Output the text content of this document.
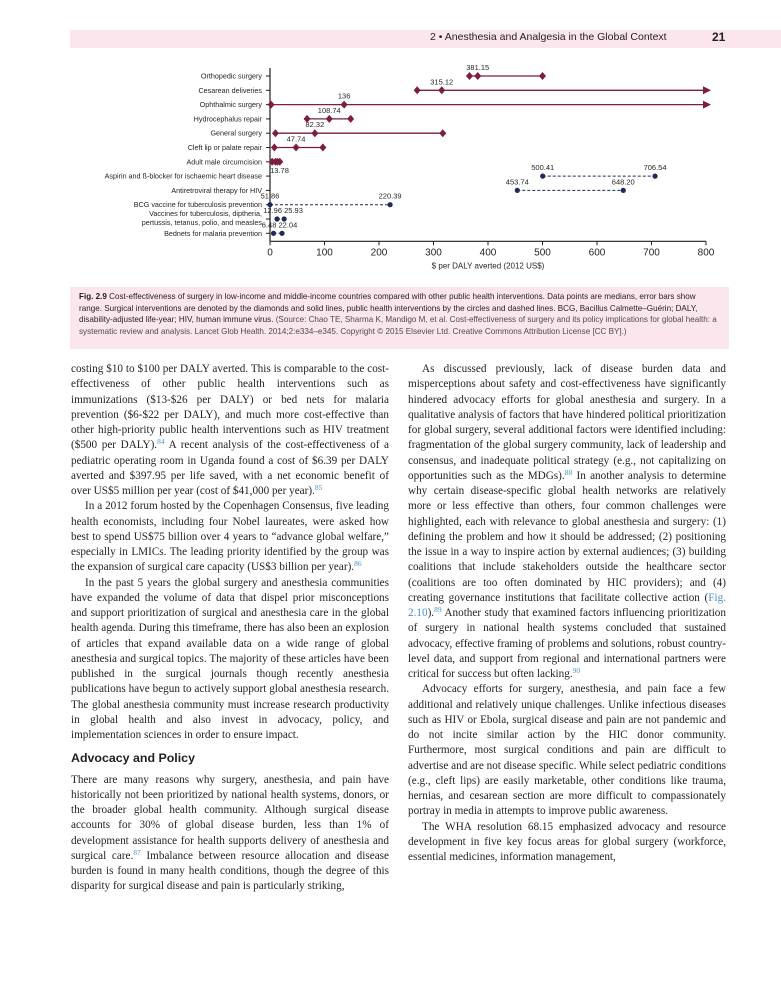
2 • Anesthesia and Analgesia in the Global Context	21
0	100	200	300	400	500	600	700	800
$ per DALY averted (2012 US$)
Orthopedic surgery
381.15
Cesarean deliveries
315.12
Ophthalmic surgery
136
Hydrocephalus repair
108.74
General surgery
82.32
Cleft lip or palate repair
47.74
Adult male circumcision
13.78
Aspirin and ß-blocker for ischaemic heart disease
500.41	706.54
Antiretroviral therapy for HIV
453.74	648.20
BCG vaccine for tuberculosis prevention
51.86	220.39
Vaccines for tuberculosis, diptheria,
pertussis, tetanus, polio, and measles
12.96 25.93
Bednets for malaria prevention
6.48 22.04
Fig. 2.9 Cost-effectiveness of surgery in low-income and middle-income countries compared with other public health interventions. Data points are medians, error bars show range. Surgical interventions are denoted by the diamonds and solid lines, public health interventions by the circles and dashed lines. BCG, Bacillus Calmette–Guérin; DALY, disability-adjusted life-year; HIV, human immune virus. (Source: Chao TE, Sharma K, Mandigo M, et al. Cost-effectiveness of surgery and its policy implications for global health: a systematic review and analysis. Lancet Glob Health. 2014;2:e334–e345. Copyright © 2015 Elsevier Ltd. Creative Commons Attribution License [CC BY].)

costing $10 to $100 per DALY averted. This is comparable to the cost-effectiveness of other public health interventions such as immunizations ($13-$26 per DALY) or bed nets for malaria prevention ($6-$22 per DALY), and much more cost-effective than other high-priority public health interventions such as HIV treatment ($500 per DALY).$^{84}$ A recent analysis of the cost-effectiveness of a pediatric operating room in Uganda found a cost of $6.39 per DALY averted and $397.95 per life saved, with a net economic benefit of over US$5 million per year (cost of $41,000 per year).$^{85}$

In a 2012 forum hosted by the Copenhagen Consensus, five leading health economists, including four Nobel laureates, were asked how best to spend US$75 billion over 4 years to “advance global welfare,” especially in LMICs. The leading priority identified by the group was the expansion of surgical care capacity (US$3 billion per year).$^{86}$

In the past 5 years the global surgery and anesthesia communities have expanded the volume of data that dispel prior misconceptions and support prioritization of surgical and anesthesia care in the global health agenda. During this timeframe, there has also been an explosion of articles that expand available data on a wide range of global anesthesia and surgical topics. The majority of these articles have been published in the surgical journals though recently anesthesia publications have begun to actively support global anesthesia research. The global anesthesia community must increase research productivity in global health and also invest in advocacy, policy, and implementation sciences in order to ensure impact.

Advocacy and Policy

There are many reasons why surgery, anesthesia, and pain have historically not been prioritized by national health systems, donors, or the broader global health community. Although surgical disease accounts for 30% of global disease burden, less than 1% of development assistance for health supports delivery of anesthesia and surgical care.$^{87}$ Imbalance between resource allocation and disease burden is found in many health conditions, though the degree of this disparity for surgical disease and pain is particularly striking,

As discussed previously, lack of disease burden data and misperceptions about safety and cost-effectiveness have significantly hindered advocacy efforts for global anesthesia and surgery. In a qualitative analysis of factors that have hindered political prioritization for global surgery, several additional factors were identified including: fragmentation of the global surgery community, lack of leadership and consensus, and inadequate political strategy (e.g., not capitalizing on opportunities such as the MDGs).$^{88}$ In another analysis to determine why certain disease-specific global health networks are relatively more or less effective than others, four common challenges were highlighted, each with relevance to global anesthesia and surgery: (1) defining the problem and how it should be addressed; (2) positioning the issue in a way to inspire action by external audiences; (3) building coalitions that include stakeholders outside the healthcare sector (coalitions are too often dominated by HIC providers); and (4) creating governance institutions that facilitate collective action (Fig. 2.10).$^{89}$ Another study that examined factors influencing prioritization of surgery in national health systems concluded that sustained advocacy, effective framing of problems and solutions, robust country-level data, and support from regional and international partners were critical for success but often lacking.$^{90}$

Advocacy efforts for surgery, anesthesia, and pain face a few additional and relatively unique challenges. Unlike infectious diseases such as HIV or Ebola, surgical disease and pain are not pandemic and do not incite similar action by the HIC donor community. Furthermore, most surgical conditions and pain are difficult to advertise and are not disease specific. While select pediatric conditions (e.g., cleft lips) are easily marketable, other conditions like trauma, hernias, and cesarean section are more difficult to compassionately portray in media in attempts to improve public awareness.

The WHA resolution 68.15 emphasized advocacy and resource development in five key focus areas for global surgery (workforce, essential medicines, information management,
